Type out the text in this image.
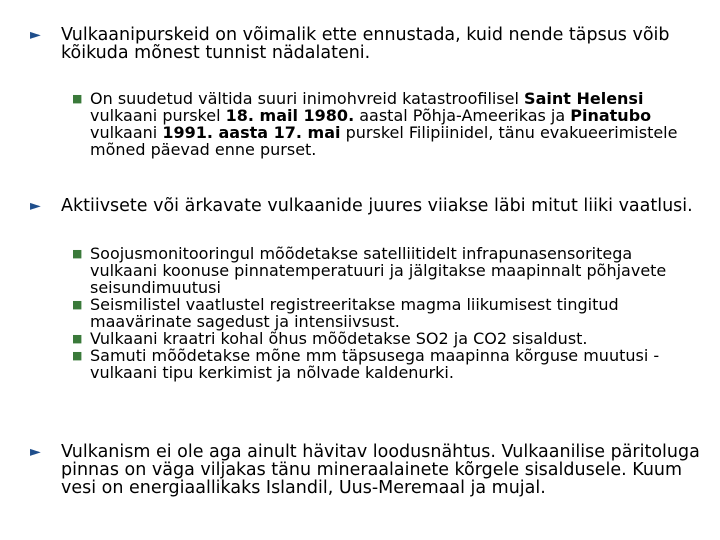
► Vulkaanipurskeid on võimalik ette ennustada, kuid nende täpsus võib kõikuda mõnest tunnist nädalateni.
■ On suudetud vältida suuri inimohvreid katastroofilisel Saint Helensi vulkaani purskel 18. mail 1980. aastal Põhja-Ameerikas ja Pinatubo vulkaani 1991. aasta 17. mai purskel Filipiinidel, tänu evakueerimistele mõned päevad enne purset.
► Aktiivsete või ärkavate vulkaanide juures viiakse läbi mitut liiki vaatlusi.
■ Soojusmonitooringul mõõdetakse satelliitidelt infrapunasensoritega vulkaani koonuse pinnatemperatuuri ja jälgitakse maapinnalt põhjavete seisundimuutusi
■ Seismilistel vaatlustel registreeritakse magma liikumisest tingitud maavärinate sagedust ja intensiivsust.
■ Vulkaani kraatri kohal õhus mõõdetakse SO2 ja CO2 sisaldust.
■ Samuti mõõdetakse mõne mm täpsusega maapinna kõrguse muutusi - vulkaani tipu kerkimist ja nõlvade kaldenurki.
► Vulkanism ei ole aga ainult hävitav loodusnähtus. Vulkaanilise päritoluga pinnas on väga viljakas tänu mineraalainete kõrgele sisaldusele. Kuum vesi on energiaallikaks Islandil, Uus-Meremaal ja mujal.
